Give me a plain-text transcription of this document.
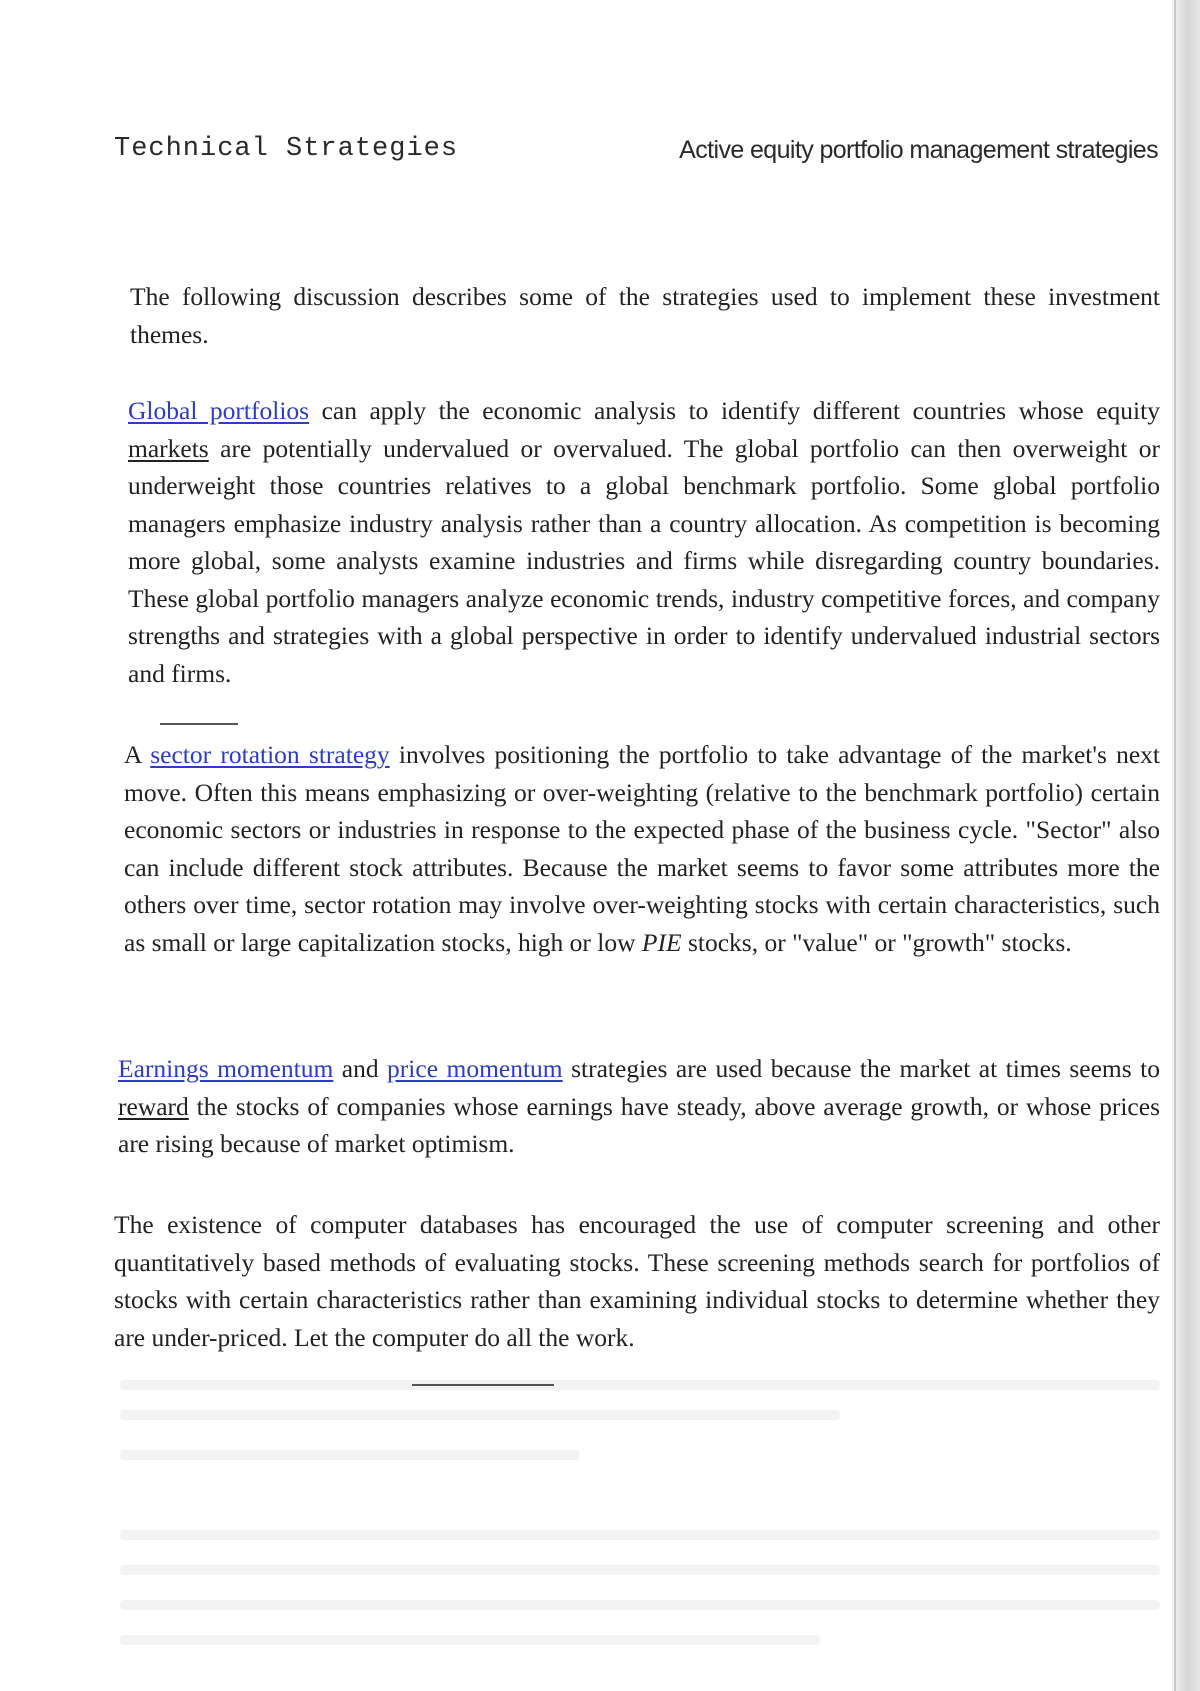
Technical Strategies	Active equity portfolio management strategies

The following discussion describes some of the strategies used to implement these investment themes.

Global portfolios can apply the economic analysis to identify different countries whose equity markets are potentially undervalued or overvalued. The global portfolio can then overweight or underweight those countries relatives to a global benchmark portfolio. Some global portfolio managers emphasize industry analysis rather than a country allocation. As competition is becoming more global, some analysts examine industries and firms while disregarding country boundaries. These global portfolio managers analyze economic trends, industry competitive forces, and company strengths and strategies with a global perspective in order to identify undervalued industrial sectors and firms.

A sector rotation strategy involves positioning the portfolio to take advantage of the market's next move. Often this means emphasizing or over-weighting (relative to the benchmark portfolio) certain economic sectors or industries in response to the expected phase of the business cycle. "Sector" also can include different stock attributes. Because the market seems to favor some attributes more the others over time, sector rotation may involve over-weighting stocks with certain characteristics, such as small or large capitalization stocks, high or low PIE stocks, or "value" or "growth" stocks.

Earnings momentum and price momentum strategies are used because the market at times seems to reward the stocks of companies whose earnings have steady, above average growth, or whose prices are rising because of market optimism.

The existence of computer databases has encouraged the use of computer screening and other quantitatively based methods of evaluating stocks. These screening methods search for portfolios of stocks with certain characteristics rather than examining individual stocks to determine whether they are under-priced. Let the computer do all the work.
